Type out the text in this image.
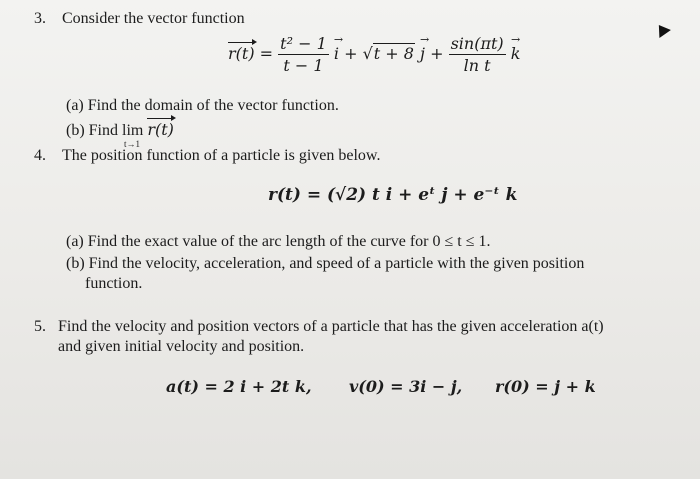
3. Consider the vector function
$r(t) = \frac{\text{t² − 1}}{t - 1}$ i → + √t + 8 j → + $\frac{\sin(\pi t)}{\text{ln t}}$ k →
(a) Find the domain of the vector function.
(b) Find lim
t→1
r(t)
4. The position function of a particle is given below.
r(t) = (√2) t i + eᵗ j + e⁻ᵗ k
(a) Find the exact value of the arc length of the curve for 0 ≤ t ≤ 1.
(b) Find the velocity, acceleration, and speed of a particle with the given position
function.
5. Find the velocity and position vectors of a particle that has the given acceleration a(t)
and given initial velocity and position.
a(t) = 2 i + 2t k, v(0) = 3i − j, r(0) = j + k
